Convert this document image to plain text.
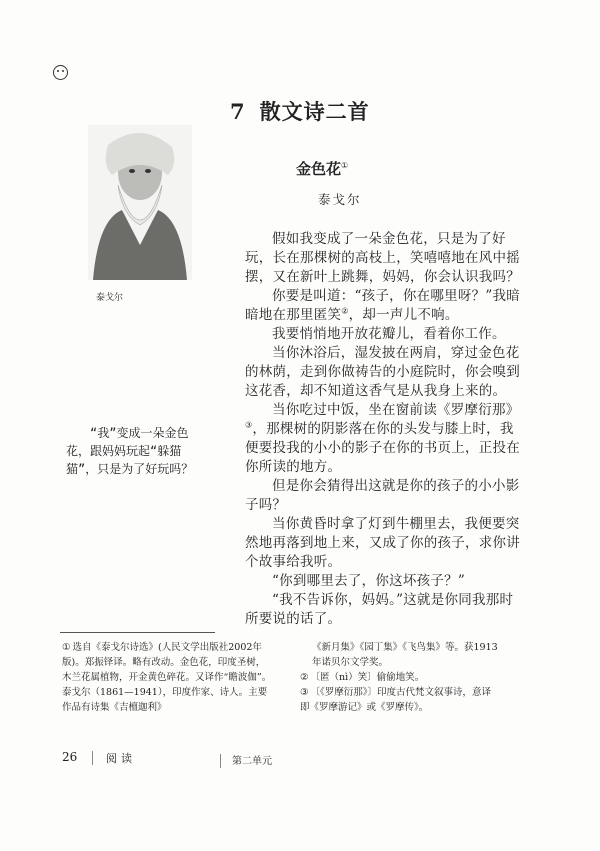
7 散文诗二首
金色花①
泰戈尔
泰戈尔

假如我变成了一朵金色花，只是为了好玩，长在那棵树的高枝上，笑嘻嘻地在风中摇摆，又在新叶上跳舞，妈妈，你会认识我吗？

你要是叫道：“孩子，你在哪里呀？”我暗暗地在那里匿笑②，却一声儿不响。

我要悄悄地开放花瓣儿，看着你工作。

当你沐浴后，湿发披在两肩，穿过金色花的林荫，走到你做祷告的小庭院时，你会嗅到这花香，却不知道这香气是从我身上来的。

当你吃过中饭，坐在窗前读《罗摩衍那》③，那棵树的阴影落在你的头发与膝上时，我便要投我的小小的影子在你的书页上，正投在你所读的地方。

但是你会猜得出这就是你的孩子的小小影子吗？

当你黄昏时拿了灯到牛棚里去，我便要突然地再落到地上来，又成了你的孩子，求你讲个故事给我听。

“你到哪里去了，你这坏孩子？”

“我不告诉你，妈妈。”这就是你同我那时所要说的话了。

“我”变成一朵金色花，跟妈妈玩起“躲猫猫”，只是为了好玩吗？
① 选自《泰戈尔诗选》(人民文学出版社2002年版)。郑振铎译。略有改动。金色花，印度圣树，木兰花属植物，开金黄色碎花。又译作“瞻波伽”。泰戈尔（1861—1941），印度作家、诗人。主要作品有诗集《吉檀迦利》
《新月集》《园丁集》《飞鸟集》等。获1913年诺贝尔文学奖。
② 〔匿（nì）笑〕偷偷地笑。
③ 〔《罗摩衍那》〕印度古代梵文叙事诗，意译即《罗摩游记》或《罗摩传》。
26	阅读	第二单元
